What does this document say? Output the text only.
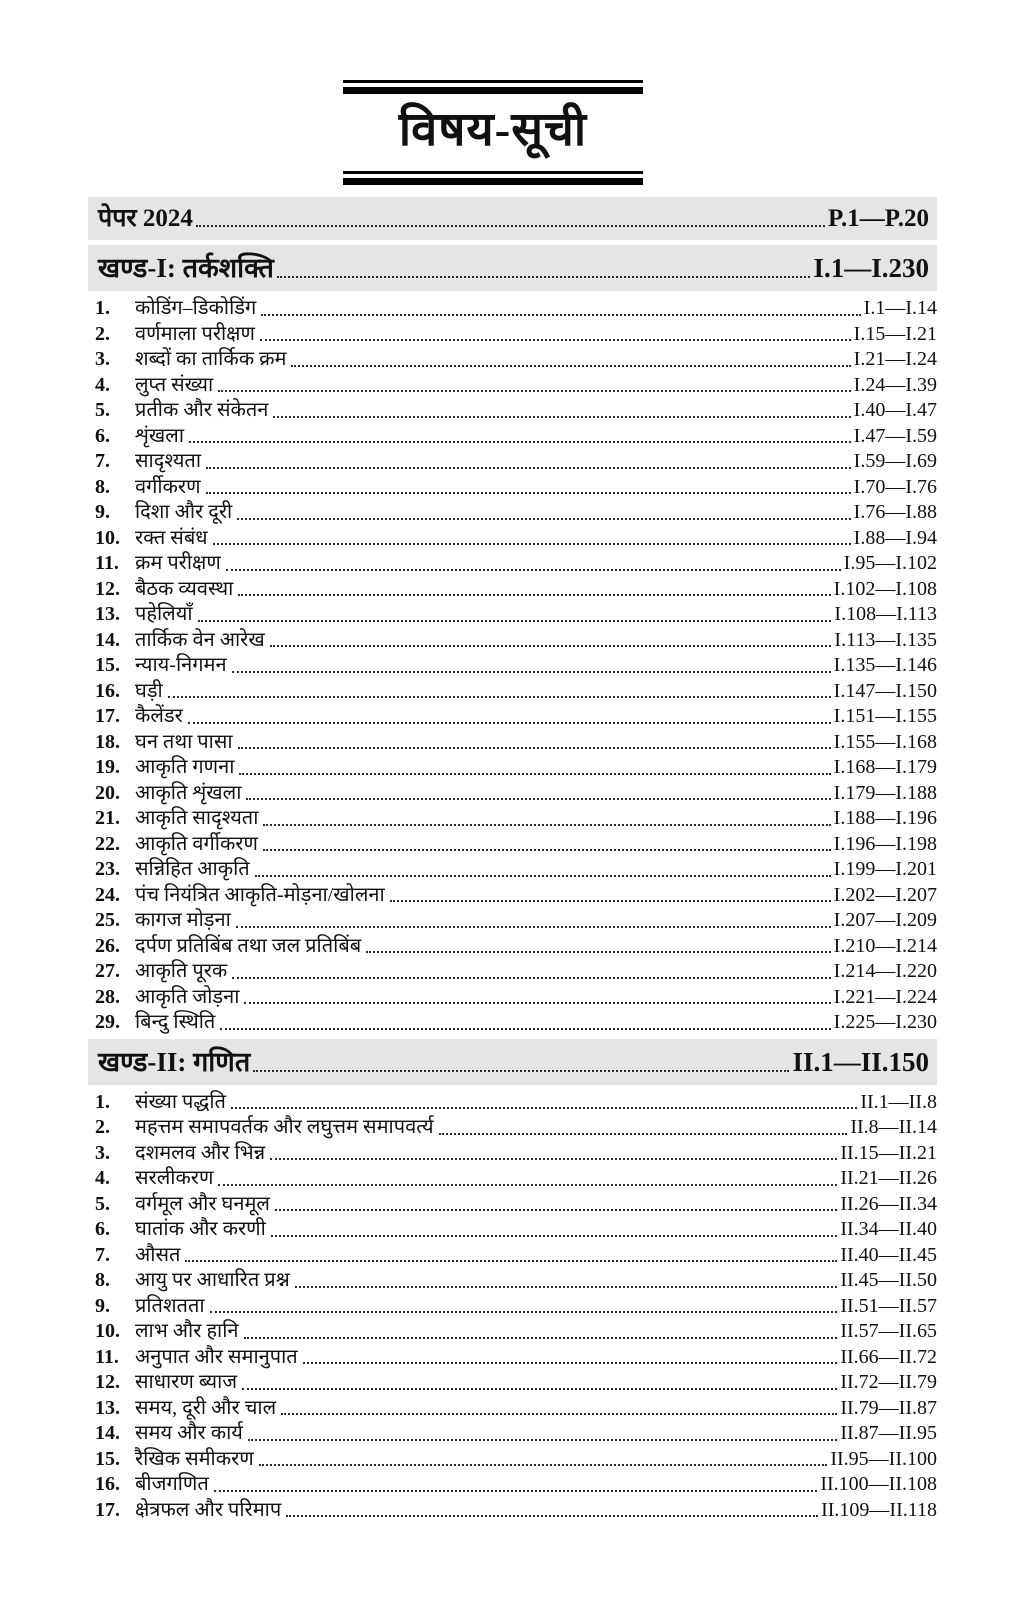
विषय-सूची
पेपर 2024	P.1—P.20
खण्ड-I: तर्कशक्ति	I.1—I.230
1.	कोडिंग–डिकोडिंग	I.1—I.14
2.	वर्णमाला परीक्षण	I.15—I.21
3.	शब्दों का तार्किक क्रम	I.21—I.24
4.	लुप्त संख्या	I.24—I.39
5.	प्रतीक और संकेतन	I.40—I.47
6.	शृंखला	I.47—I.59
7.	सादृश्यता	I.59—I.69
8.	वर्गीकरण	I.70—I.76
9.	दिशा और दूरी	I.76—I.88
10. रक्त संबंध	I.88—I.94
11. क्रम परीक्षण	I.95—I.102
12. बैठक व्यवस्था	I.102—I.108
13. पहेलियाँ	I.108—I.113
14. तार्किक वेन आरेख	I.113—I.135
15. न्याय-निगमन	I.135—I.146
16. घड़ी	I.147—I.150
17. कैलेंडर	I.151—I.155
18. घन तथा पासा	I.155—I.168
19. आकृति गणना	I.168—I.179
20. आकृति शृंखला	I.179—I.188
21. आकृति सादृश्यता	I.188—I.196
22. आकृति वर्गीकरण	I.196—I.198
23. सन्निहित आकृति	I.199—I.201
24. पंच नियंत्रित आकृति-मोड़ना/खोलना	I.202—I.207
25. कागज मोड़ना	I.207—I.209
26. दर्पण प्रतिबिंब तथा जल प्रतिबिंब	I.210—I.214
27. आकृति पूरक	I.214—I.220
28. आकृति जोड़ना	I.221—I.224
29. बिन्दु स्थिति	I.225—I.230
खण्ड-II: गणित	II.1—II.150
1.	संख्या पद्धति	II.1—II.8
2.	महत्तम समापवर्तक और लघुत्तम समापवर्त्य	II.8—II.14
3.	दशमलव और भिन्न	II.15—II.21
4.	सरलीकरण	II.21—II.26
5.	वर्गमूल और घनमूल	II.26—II.34
6.	घातांक और करणी	II.34—II.40
7.	औसत	II.40—II.45
8.	आयु पर आधारित प्रश्न	II.45—II.50
9.	प्रतिशतता	II.51—II.57
10. लाभ और हानि	II.57—II.65
11. अनुपात और समानुपात	II.66—II.72
12. साधारण ब्याज	II.72—II.79
13. समय, दूरी और चाल	II.79—II.87
14. समय और कार्य	II.87—II.95
15. रैखिक समीकरण	II.95—II.100
16. बीजगणित	II.100—II.108
17. क्षेत्रफल और परिमाप	II.109—II.118
